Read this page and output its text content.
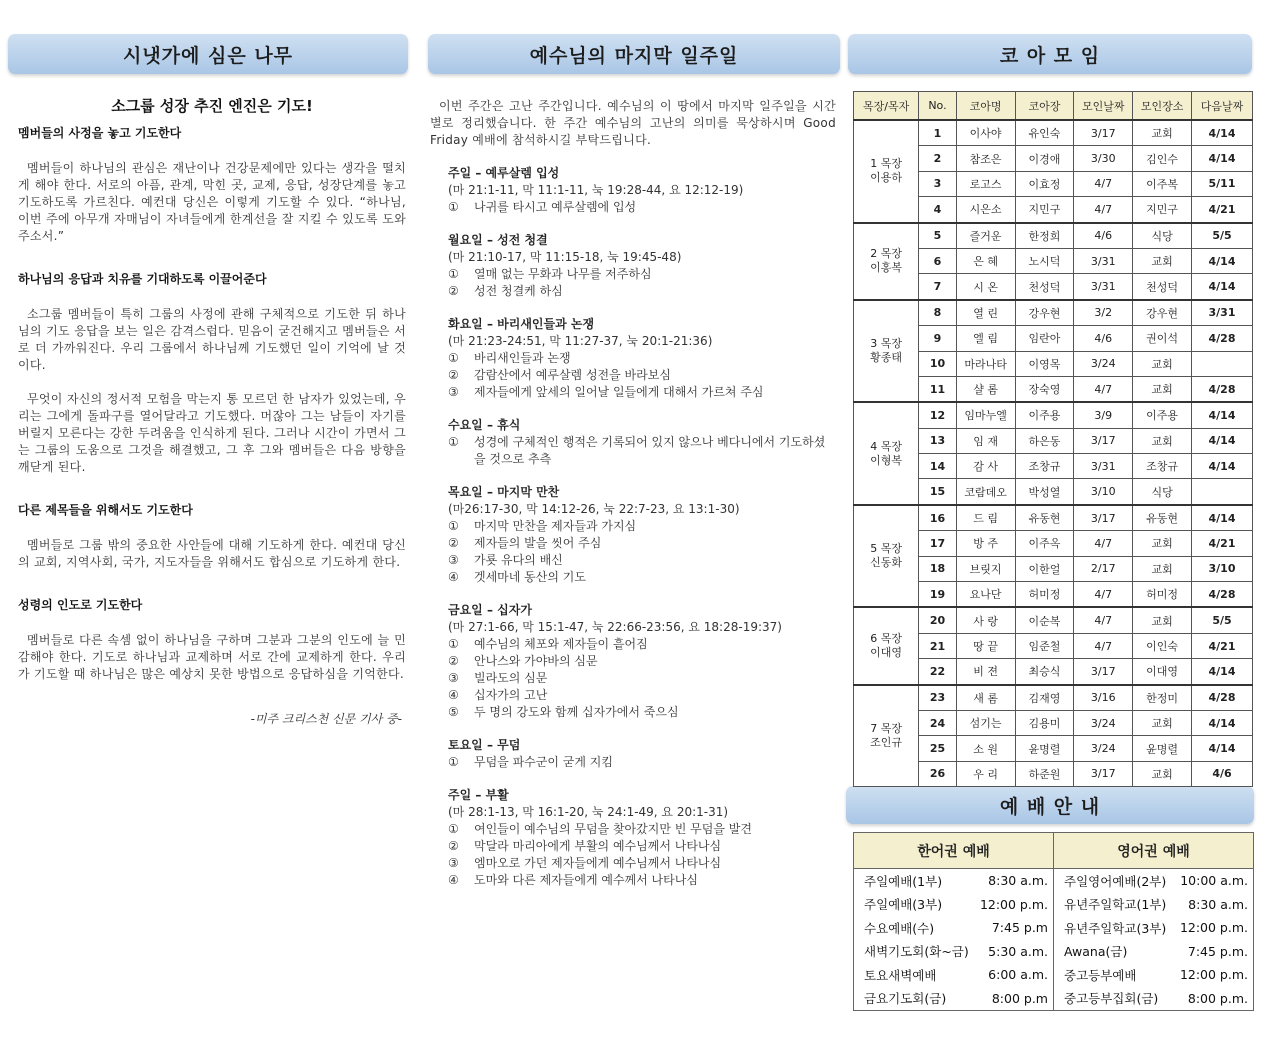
시냇가에 심은 나무	예수님의 마지막 일주일	코 아 모 임
예 배 안 내
소그룹 성장 추진 엔진은 기도!
멤버들의 사정을 놓고 기도한다

멤버들이 하나님의 관심은 재난이나 건강문제에만 있다는 생각을 떨치게 해야 한다. 서로의 아픔, 관계, 막힌 곳, 교제, 응답, 성장단계를 놓고 기도하도록 가르친다. 예컨대 당신은 이렇게 기도할 수 있다. “하나님, 이번 주에 아무개 자매님이 자녀들에게 한계선을 잘 지킬 수 있도록 도와주소서.”

하나님의 응답과 치유를 기대하도록 이끌어준다

소그룹 멤버들이 특히 그룹의 사정에 관해 구체적으로 기도한 뒤 하나님의 기도 응답을 보는 일은 감격스럽다. 믿음이 굳건해지고 멤버들은 서로 더 가까워진다. 우리 그룹에서 하나님께 기도했던 일이 기억에 날 것이다.

무엇이 자신의 정서적 모험을 막는지 통 모르던 한 남자가 있었는데, 우리는 그에게 돌파구를 열어달라고 기도했다. 머잖아 그는 남들이 자기를 버릴지 모른다는 강한 두려움을 인식하게 된다. 그러나 시간이 가면서 그는 그룹의 도움으로 그것을 해결했고, 그 후 그와 멤버들은 다음 방향을 깨닫게 된다.

다른 제목들을 위해서도 기도한다

멤버들로 그룹 밖의 중요한 사안들에 대해 기도하게 한다. 예컨대 당신의 교회, 지역사회, 국가, 지도자들을 위해서도 합심으로 기도하게 한다.

성령의 인도로 기도한다

멤버들로 다른 속셈 없이 하나님을 구하며 그분과 그분의 인도에 늘 민감해야 한다. 기도로 하나님과 교제하며 서로 간에 교제하게 한다. 우리가 기도할 때 하나님은 많은 예상치 못한 방법으로 응답하심을 기억한다.

-미주 크리스천 신문 기사 중-

이번 주간은 고난 주간입니다. 예수님의 이 땅에서 마지막 일주일을 시간별로 정리했습니다. 한 주간 예수님의 고난의 의미를 묵상하시며 Good Friday 예배에 참석하시길 부탁드립니다.

주일 – 예루살렘 입성
(마 21:1-11, 막 11:1-11, 눅 19:28-44, 요 12:12-19)
①	나귀를 타시고 예루살렘에 입성
월요일 – 성전 청결
(마 21:10-17, 막 11:15-18, 눅 19:45-48)
①	열매 없는 무화과 나무를 저주하심
②	성전 청결케 하심
화요일 – 바리새인들과 논쟁
(마 21:23-24:51, 막 11:27-37, 눅 20:1-21:36)
①	바리새인들과 논쟁
②	감람산에서 예루살렘 성전을 바라보심
③	제자들에게 앞세의 일어날 일들에게 대해서 가르쳐 주심
수요일 – 휴식
①	성경에 구체적인 행적은 기록되어 있지 않으나 베다니에서 기도하셨을 것으로 추측
목요일 – 마지막 만찬
(마26:17-30, 막 14:12-26, 눅 22:7-23, 요 13:1-30)
①	마지막 만찬을 제자들과 가지심
②	제자들의 발을 씻어 주심
③	가룟 유다의 배신
④	겟세마네 동산의 기도
금요일 – 십자가
(마 27:1-66, 막 15:1-47, 눅 22:66-23:56, 요 18:28-19:37)
①	예수님의 체포와 제자들이 흩어짐
②	안나스와 가야바의 심문
③	빌라도의 심문
④	십자가의 고난
⑤	두 명의 강도와 함께 십자가에서 죽으심
토요일 – 무덤
①	무덤을 파수군이 굳게 지킴
주일 – 부활
(마 28:1-13, 막 16:1-20, 눅 24:1-49, 요 20:1-31)
①	여인들이 예수님의 무덤을 찾아갔지만 빈 무덤을 발견
②	막달라 마리아에게 부활의 예수님께서 나타나심
③	엠마오로 가던 제자들에게 예수님께서 나타나심
④	도마와 다른 제자들에게 예수께서 나타나심
목장/목자	No.	코아명	코아장	모인날짜	모인장소	다음날짜

1 목장
이용하	1	이사야	유인숙	3/17	교회	4/14
	2	참조은	이경애	3/30	김인수	4/14
	3	로고스	이효정	4/7	이주복	5/11
	4	시은소	지민구	4/7	지민구	4/21

2 목장
이홍복	5	즐거운	한정희	4/6	식당	5/5
	6	은 혜	노시덕	3/31	교회	4/14
	7	시 온	천성덕	3/31	천성덕	4/14

3 목장
황종태	8	열 린	강우현	3/2	강우현	3/31
	9	엘 림	임란아	4/6	권이석	4/28
	10	마라나타	이영목	3/24	교회	
	11	샬 롬	장숙영	4/7	교회	4/28

4 목장
이형복	12	임마누엘	이주용	3/9	이주용	4/14
	13	임 재	하은동	3/17	교회	4/14
	14	감 사	조창규	3/31	조창규	4/14
	15	코람데오	박성열	3/10	식당	

5 목장
신동화	16	드 림	유동현	3/17	유동현	4/14
	17	방 주	이주옥	4/7	교회	4/21
	18	브릿지	이한얼	2/17	교회	3/10
	19	요나단	허미정	4/7	허미정	4/28

6 목장
이대영	20	사 랑	이순복	4/7	교회	5/5
	21	땅 끝	임준철	4/7	이인숙	4/21
	22	비 젼	최승식	3/17	이대영	4/14

7 목장
조인규	23	새 롬	김재영	3/16	한정미	4/28
	24	섬기는	김용미	3/24	교회	4/14
	25	소 원	윤명렬	3/24	윤명렬	4/14
	26	우 리	하준원	3/17	교회	4/6
한어권 예배
주일예배(1부)	8:30 a.m.
주일예배(3부)	12:00 p.m.
수요예배(수)	7:45 p.m
새벽기도회(화~금) 5:30 a.m.
토요새벽예배	6:00 a.m.
금요기도회(금)	8:00 p.m
영어권 예배
주일영어예배(2부) 10:00 a.m.
유년주일학교(1부) 8:30 a.m.
유년주일학교(3부) 12:00 p.m.
Awana(금)	7:45 p.m.
중고등부예배	12:00 p.m.
중고등부집회(금) 8:00 p.m.
